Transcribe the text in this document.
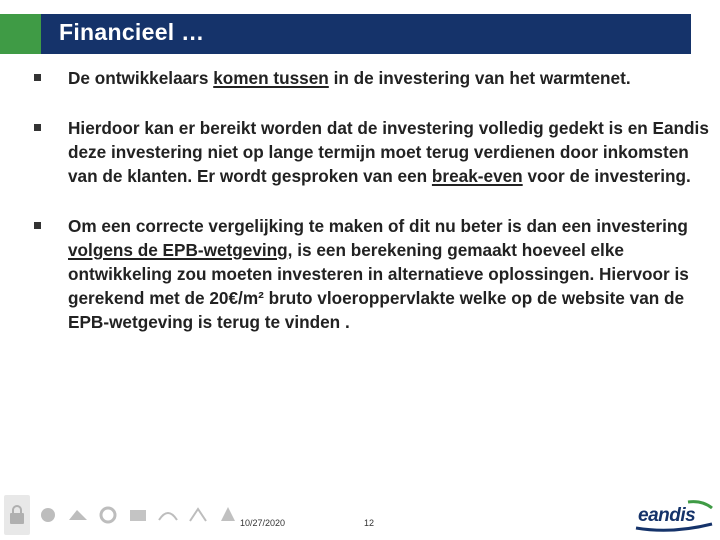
Financieel …
De ontwikkelaars komen tussen in de investering van het warmtenet.
Hierdoor kan er bereikt worden dat de investering volledig gedekt is en Eandis deze investering niet op lange termijn moet terug verdienen door inkomsten van de klanten. Er wordt gesproken van een break-even voor de investering.
Om een correcte vergelijking te maken of dit nu beter is dan een investering volgens de EPB-wetgeving, is een berekening gemaakt hoeveel elke ontwikkeling zou moeten investeren in alternatieve oplossingen. Hiervoor is gerekend met de 20€/m² bruto vloeroppervlakte welke op de website van de EPB-wetgeving is terug te vinden .
10/27/2020	12	eandis
